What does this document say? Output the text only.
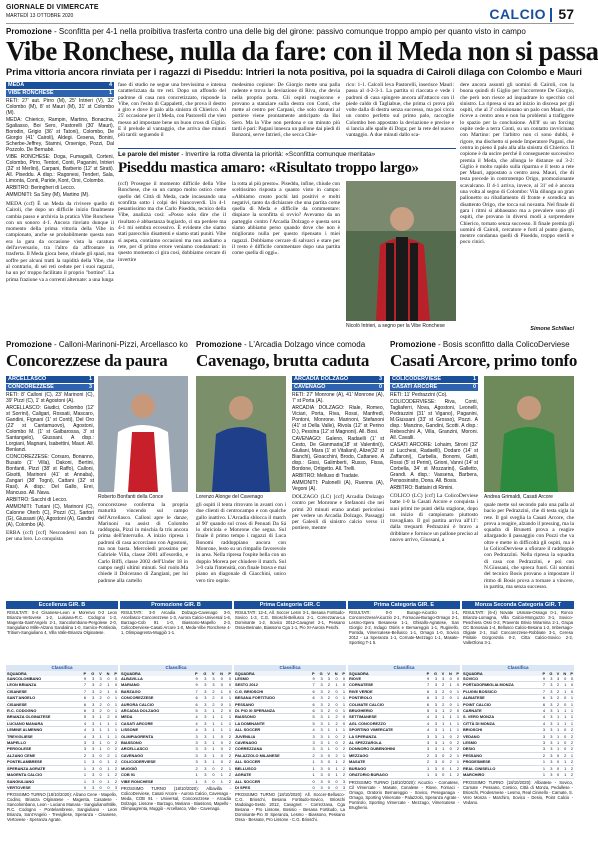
GIORNALE DI VIMERCATE
MARTEDÌ 13 OTTOBRE 2020	CALCIO 57
Promozione - Sconfitta per 4-1 nella proibitiva trasferta contro una delle big del girone: passivo comunque troppo ampio per quanto visto in campo
Vibe Ronchese, nulla da fare: con il Meda non si passa
Prima vittoria ancora rinviata per i ragazzi di Piseddu: Intrieri la nota positiva, poi la squadra di Cairoli dilaga con Colombo e Mauri
MEDA	4
VIBE RONCHESE	1
RETI: 27' aut. Pirro (M), 25' Intrieri (V), 32' Colombo (M), 8' st Mauri (M), 31' st Colombo (M).
MEDA: Chierico, Rampin, Martino, Bonacina, Sgaliasso, Boi Sero, Pastorelli (30' Mauri), Borodin, Grigio (36' st Tatoni), Colombo, De Giorgio (41' Cairoli), Aldegi. Cesena, Bonini, Scherbe-Jeffrey, Stamni, Orsenigo, Pozzi, Dal Pozzolo. De Bernabè.
VIBE RONCHESE: Doga, Fumagalli, Corteni, Colombo, Pirro, Tentori, Conti, Paganini, Intrieri (32' st Merlini), Carpani, Barberio (12' st Sirati). All. Piseddu. A disp.: Ragonesi, Tenderi, Sala, Limonta, Conti, Paride, Kont, Orsi, Colombo.
ARBITRO: Beringheri di Lecco.
AMMONITI: Sa Siny (M), Martino (M).
MEDA (ccf) È un Meda da rivivere quello di Cairoli, che dopo un difficile inizio finalmente cambia passo e archivia la pratica Vibe Ronchese con un sonoro 4-1. Ancora rinviato dunque il momento della prima vittoria della Vibe in campionato, anche se probabilmente questa non era la gara da occasione vista la caratura dell'avversario, tra l'altro da affrontare in trasferta. Il Meda gioca bene, chiude gli spazi, ma soffre per alcuni tratti la rapidità della Vibe, che al contrario, di sei reti cedute per i suoi ragazzi, ha un po' troppo facilitato il proprio "bottino". La prima frazione va a correnti alternate: a una lunga
fase di studio ne segue una brevissima e intensa caratterizzata da tre reti. Dopo un affondo del padrone di casa non concretizzato, risponde la Vibe, con l'esito di Cappaletti, che prova il destro a giro e dove il palo alla sinistra di Chierico. Al 25' occasione per il Meda, con Pastorelli che vien messo ad impostare bene un buon cross di Giglio. E il prelude al vantaggio, che arriva due minuti più tardi: seguendo il
medesimo copione: De Giorgio mette una palla radente e trova la deviazione di Riva, che devia nella propria porta. Gli ospiti reagiscono e provano a stanziare sulla destra con Conti, che mette al centro per Carpani, che solo davanti al portiere viene prontamente anticipato da Boi Sero. Ma la Vibe non perdona e un minuto più tardi è pari: Pagani innesca un pallone dai piedi di Bonzoni, serve Intrieri, che secca Chie-
rico: 1-1. Calcoli leva Pastorelli, inserisce Mauri: passa al 4-2-3-1. La partita si riaccata e vede i padroni di casa spingere ancora all'attacco con il piede caldo di Tagliabue, che prima ci prova più volte dalla di destra senza successo, ma poi cicca un contro perfetto sul primo palo, raccoglie Colombo ben appostato la deviazione e precise e si lancia alle spalle di Doga; per la rete del nuovo vantaggio. A due minuti dallo sca-
dere ancora assunti gli uomini di Cairoli, con la buona quindi di Giglio per l'accorrente De Giorgio, che però non riesce ad inquadrare lo specchio col sinistro. La ripresa si sta ad inizio in discesa per gli ospiti, che al 3' collezionano un palo con Mauri, che riceve a centro area e non ha problemi a trafiggere lo spazio per la conclusione. All'8' su un forcing ospite cede a terra Conti, su un contatto ravvicinato con Martino: per l'arbitro non ci sono dubbi, è rigore, ma dischetto si pende Imperatore Pagani, che centra in pieno il palo alla alla sinistra di Chierico. Il copione è da uscire perché il conseguente successivo premia il Meda, che allunga le distanze sul 3-2: Giglio è molto rapido sulla riparma e il testo a rete per Mauri, appostato a centro area. Mauri, che di testa precede in controtempo Origo, promozionante scavalcano. Il 4-1 arriva, invece, al 31' ed è ancora una volta al segno di Colombo: Vila dilunga un gran pallonetto su riballamento di fronte e scendica un disattento Origo, che tocca sui novanta. Nel finale di gara i ritmi si abbassano ma a prevalere sono gli ospiti, che provano in diversi modi a sorprendere Chierico, tornato senza successo. Il finale premia gli uomini di Cairoli, cercatore e forti al punto giusto, mentre condanna quelli di Piseddu, troppo sterili e poco cinici.
Simone Schillaci
Le parole del mister - Invertire la rotta diventa la priorità: «Sconfitta comunque meritata»
Piseddu mastica amaro: «Risultato troppo largo»
(ccf) Prosegue il momento difficile della Vibe Ronchese, che su un campo molto ostico come quello del Città di Meda, cade incassando una sconfitta sotto i colpi dei biancoverdi. Un 4-1 pesantissimo ma che Carlo Piseddu, tecnico della Vibe, analizza così: «Posso solo dire che il risultato è abbastanza bugiardo, ci sta perdere ma 4-1 mi sembra eccessivo. È evidente che siamo stati parecchio disattenti e siamo stati puniti. Vibe si aspeta, contiamo occasioni ma non andiamo a rete, per di primo errore veniamo condannati: in questo momento ci gira così, dobbiamo cercare di invertire
la rotta al più presto». Piseddu, infine, chiude con sceltissimo risposta a quanto visto in campo: «Abbiamo creato pochi lati positivi e molti negativi, tanto da dichiarare che una partita come quella di Meda e difficile da commentare: dispiace la sconfitta sì ovvio? Avevamo da un parteggio contro l'Arcadia Dolzago e questa sera siamo abbiamo perso quando dove che non è migliorato nulla per questo ripensato i miei ragazzi. Dobbiamo cercare di salvarci e stare per il resto è difficile commentare dopo una partita come quella di oggi».
Nicolò Intrieri, a segno per la Vibe Ronchese
Promozione - Calloni-Marinoni-Pizzi, Arcellasco ko
Concorezzese da paura
Promozione - L'Arcadia Dolzago vince comoda
Cavenago, brutta caduta
Promozione - Bosis sconfitto dalla ColicoDerviese
Casati Arcore, primo tonfo
ARCELLASCO	1
CONCOREZZESE	3
RETI: 8' Calloni (C), 23' Marinoni (C), 39' Pizzi (C), 1' st Agostoni (A).
ARCELLASCO: Giudici, Colombo (12' st Sorrini), Caligari, Rossati, Mascaro, Gandini, Fignani (1' st Conti), Del Oro (22' st Cantamuovo), Agostoni, Colombo M. (1' st Galbarossa, 3' st Santangelo), Giussani. A disp.: Lorgiani, Magnani, Isabettini, Mauri. All. Benlanzi.
CONCOREZZESE: Corsaro, Bonanno, Busato (1' Villa), Dakoni, Bertini, Bonfanti, Pizzi (38' st Raffo), Calloni, Gisotti, Marinoni (41' st Annaba), Zangari (38' Togni), Cattani (32' st Rasi). A disp.: Del Gallo, Erei, Mancuso. All. Nava.
ARBITRO: Sacchi di Lecco.
AMMONITI: Turiani (C), Marinoni (C), Calonne Oterb (C), Pozzi (C), Sartori (G), Giussani (A), Agostoni (A), Gandini (A), Colombo (A).
ERBA (ccf) [ccf] Nescondersi non fa per una loro. Lo conquista
Roberto Bonfanti della Conce
concorezzese conferma la propria maturità vincendo sul campo dell'Arcellasco. Calloni apre le danze, Marinoni su assist di Colombo raddoppia, Pizzi in mischia fa tris ancora prima dell'intervallo. A inizio ripresa i padroni di casa accorciano con Agostoni, ma non basta. Mercoledì prossimo per Gabriele Villa, classe 2001 all'esordio, e Carlo Biffi, classe 2002 dell'Under 18 in campo negli ultimi minuti. Sul ruolo.Ma chiede il Dolcerano di Zangiani, per lui padrone alla cartello
Lorenzo Alonge del Cavenago
gli ospiti il tenta ritrovato in avanti con i due clienti di centrocampo e con qualche gallo inattivo. L'Arcadia sblocca il match al 90' quando sul cross di Pennati Da Sá lo sbriciola e Monrone che segna. Sul finale il primo tempo i ragazzi di Luca Bonomi raddoppiano ancora con Monrone, lesto su un rimpallo favorevole in area. Nella ripresa l'ospite bella con un doppio Morera per chiudere il match. Sul 3-0 cala l'intensità, con finale brava e mai piano un diagonale di Giacchini, unico vero tiro ospite.
ARCADIA DOLZAGO	3
CAVENAGO	0
RETI: 27' Monrone (A), 41' Monrone (A), 7' st Porta (A).
ARCADIA DOLZAGO: Riale, Romeo, Viciari, Porta, Riva, Rossi, Manfredi, Pontoni, Monrone. Marinoni, Stefanoni (41' st Della Valle), Rivola (12' st Perino D.), Pessina (12' st Magnoni). All. Bosi.
CAVENAGO: Galeno, Radaelli (1' st Cesto, De Gianmaria(18' st Valentini)), Giuliani, Mara (1' st Vitaliani), Alize(32' st Bianchi), Gioacchini, Brodo, Cattaneo. A disp.: Gissi, Galimberti, Russo, Fissa, Bordone, Ortigetto. All. Trelli.
ARBITRO: Melluso di Tradate.
AMMONITI: Palonelli (A), Ruenna (A), Vegoni (A).
DOLZAGO (LC) [ccf] Arcadia Dolzago contro per Monrone e Stefanoni che nei primi 20 minuti erano andati pericolosi per vedere un Arcadia Dolzago. Passaggi per Galeoli di sinistro calcio verso il portiere, mentre
COLICODERVIESE	1
CASATI ARCORE	0
RETI: 11' Pedrazzini (Co).
COLICODERVIESE: Riva, Conti, Tagliaferri, Nova, Agostoni, Leonelli, Pedrazzini (31' st Vigano), Paganini, M.Giussani (33' st Grosso), Pozzi. A disp.: Manzino, Gandini, Scotti. A disp.: Rebeschini A, Villa, Granzini, Moroni. All. Cavalli.
CASATI ARCORE: Lohaim, Stroni (32' st Lucchesi, Radaelli), Dodaro (14' st Zaffaroni), Carbella, Bonomi, Gatti, Rossi (5' st Perini), Grioni, Vanni (14' st Corbella, 34' st Mozzarini), Galletto, Grandi. A disp.: Vassena, Barbera, Pensosinsito, Dona. All. Bosis.
ARBITRO: Battaini di Rimini.
COLICO (LC) [ccf] La ColicoDerviese batte 1-0 la Casati Arcore e conquista i suoi primi tre punti della stagione, dopo un inizio di campionato piuttosto travagliato. Il gol partita arriva all'11': dalla trequarti Pedrazzini è bravo a dribblare e fornisce un pallone preciso al nuovo arrivo, Giussani, a
Andrea Grimaldi, Casati Arcore
quale mette sul secondo palo una palla al bacio per Pedrazzini, che di testa sigla la rete. Il gol sveglia la Casati Arcore, che prova a reagire, alzando il pressing, ma la squadra di Brunetti prova a reagire allargando il passaggio con Pozzi che va oltre e mette in difficoltà gli ospiti, ma è la ColicoDerviese a sfiorare il raddoppio con Pedrazzini. Nella ripresa la squadra di casa con Pedrazzini, e poi con N.Giussani, che spreca fuori. Gli uomini del tecnico Bosis provano a impostare il ritmo di Bosis prova a tornare a vincere, in partita, ma senza successo.
Eccellenza GIR. B
RISULTATI: 0-4 Cisanese-Leon e Morenvo 0-2 Leon Brianza-Vertovese 1-2, Luisiana-R.C. Codogno 1-3, Magenta-Sant'Angelo 2-1, Sancolombano-Pergolese 2-0, Sangiuliano Mille-Alzano Sandalina 1-0, Sarnico-Pontisola, Tritium-Sangiuliano 4, Villa Valle-Brianza Olginatese.
Classifica
SQUADRA	P	G	V	N	P
SANCOLOMBANO	9	3	3	0	0
LEON BRIANZA	7	3	2	1	0
CISANESE	7	3	2	1	0
SANT'ANGELO	6	3	2	0	1
CISANESE	6	3	2	0	1
R.C. CODOGNO	6	3	2	0	1
BRIANZA OLGINATESE	5	3	1	2	0
LUCIANO MANARA	4	3	1	1	1
LEMINE ALMENNO	4	3	1	1	1
TREVIGLIESE	4	3	1	1	1
MAPELLO	3	3	1	0	2
PERGOLESE	3	3	1	0	2
ALZANO CENE	2	3	0	2	1
PONTELAMBRESE	1	3	0	1	2
SPERANZA AGRATE	1	3	0	1	2
MAGENTA CALCIO	1	3	0	1	2
SANGIULIANO	1	3	0	1	2
VERTOVESE	0	3	0	0	3
PROSSIMO TURNO (18/10/2020): Alzano Cene - Mapello, Codino, Brianza Olginatese - Magenta, Casatese - Sancolombano, Leon - Luciano Manara - Sangiuliano/Mille, R.C. Codogno - Pontelambrese, Sangiuliano - Leon Brianza, Sant'Angelo - Trevigliese, Speranza - Cisanese, Vertovese - Speranza Agrate.
Promozione GIR. B
RISULTATI: 3-0 Arcadia Dolzago-Cavenago 3-0, Arcellasco-Concorezzese 1-3, Aurora Calcio-Universal 1-6, Barzago-Cob 91 1-0, Biassono-Mapello 2-3, ColicoDerviese-Casati Arcore 1-0, Meda-Vibe Ronchese 4-1, Olimpiagrenta-Muggiò 1-1.
Classifica
SQUADRA	P	G	V	N	P
ALBAVILLA	9	3	3	0	0
MARIANO	9	3	3	0	0
BARZAGO	7	3	2	1	0
CONCOREZZESE	6	3	2	0	1
AURORA CALCIO	6	3	2	0	1
ARCADIA DOLZAGO	5	3	1	2	0
MEDA	4	3	1	1	1
CASATI ARCORE	4	3	1	1	1
LISSONE	4	3	1	1	1
OLIMPIAGRENTA	3	3	1	0	2
BIASSONO	3	3	1	0	2
ARCELLASCO	3	3	1	0	2
CAVENAGO	3	3	1	0	2
COLICODERVIESE	3	3	1	0	2
MUGGIÒ	2	3	0	2	1
COB 91	1	3	0	1	2
VIBE RONCHESE	1	3	0	1	2
PROSSIMO TURNO (18/10/2020): Albavilla - ColicoDerviese, Casati Arcore - Aurora Calcio, Cavenago - Meda, COB 91 - Universal, Concorezzese - Arcadia Dolzago, Lissone - Barzago, Mariano - Biassono, Mapello - Olimpiagrenta, Muggiò - Arcellasco, Vibe - Cavenago.
Prima Categoria GIR. C
RISULTATI: 12-4, All. Soccer Lesm 3-1, Besana Fortitudo-Sovico 1-3, C.G. Brioschi-Bellusco 2-1, Correzzana-La Dominante 1-2, Sovico 2012-Cavagnet 2-1, Pessano Ossa-Besnate, Biassono Cga 1-1, Pio XI-Aurora Peschi.
Classifica
SQUADRA	P	G	V	N	P
LESMO	9	3	3	0	0
SESTO 2012	7	3	2	1	0
C.G. BRIOSCHI	6	3	2	0	1
BESANA FORTITUDO	6	3	2	0	1
PESSANO	6	3	2	0	1
DI. PIO XI SPERANZA	6	3	2	0	1
BIASSONO	5	3	1	2	0
LA DOMINANTE	5	3	1	2	0
ALL SOCCER	4	3	1	1	1
JUVENILIA	3	3	1	0	2
CAVENAGO	3	3	1	0	2
CORREZZANA	3	3	1	0	2
PALAZZOLO MILANESE	2	3	0	2	1
ALL SOCCER	1	3	0	1	2
BELLUSCO	1	3	0	1	2
AGRATE	1	3	0	1	2
ALL SOCCER	0	3	0	0	3
DI SPES	0	3	0	0	3
PROSSIMO TURNO (18/10/2020): All. Soccer-Bellusco-C.G. Brioschi, Besana Fortitudo-Sovico, Brioschi Madolago-Sesto 2012, Cavagnet - Correzzana, Cga Besana - Pro Lissone, Bosisio - Besana Fortitudo, La Dominante-Pio XI Speranza, Lesmo - Biassono, Pessano Ossa - Besnate, Pro Lissone - C.G. Brioschi.
Prima Categoria GIR. E
RISULTATI: 0-0 Burago-Aicurzio 1-1, Concorezzese/Aicurzio 2-1, Fornaciai-Burago-Ornago 2-1, Lesmo-Spera Besanese 1-1, Ghisallo-Agratese, San Giorgio 2-2, Indago Osiris e Bernareggio 1-1, Ruginello, Pontida, Vimercatese-Bellusco 1-1, Ornago 1-0, Sovico 2012 - La Speranza 1-1, Cornate-Mezzago 1-1, Masate-Sporting T-1 5.
Classifica
SQUADRA	P	G	V	N	P
RIOVE	9	3	3	0	0
CORNATESE	7	3	2	1	0
RIVE VERDE	6	3	2	0	1
PONTIROLO	6	3	2	0	1
COLMATE CALCIO	6	3	2	0	1
BRUGHERIO	5	3	1	2	0
SETTIMANESE	4	3	1	1	1
AGL CONCOREZZO	4	3	1	1	1
SPORTING VIMERCATE	4	3	1	1	1
LA SPERANZA	3	3	1	0	2
AL SPEZZAROLA	3	3	1	0	2
DONNORO DUBENGHINI	3	3	1	0	2
MEZZAGO	2	3	0	2	1
MASATE	2	3	0	2	1
BURAGO	1	3	0	1	2
ORATORIO BURAGO	1	3	0	1	2
PROSSIMO TURNO (18/10/2020): Aicurzio - Cornatese, Cil Vimercate - Masate, Conalese - Riove, Fornaci - Ornago, Oratorio Bernareggio - Sovico, Peseganaga - Ornago, Sporting Vimercate - Palazzolo, Speranza Agrate - Pontirolo, Sporting Vimercate - Mezzago, Vimercatese - Brugherio.
Monza Seconda Categoria GIR. T
RISULTATI: (6-4) Novate Usmate-Osnago 0-1, Ronco Brianza-Lomagna, Villa Calcio-Monguzzo 3-1, Sovico-Peschiera Ossi 0-2, Pravento Brivio Mirarnina 2-1, Grupa GC Bonosaia 1-4, Bellusco Calcio-Besana 1-2, Imbersago-Olgiate 2-1, Sud Concorezzese-Robbiate 3-1, Ceresa Pinitale Gorgonzola 0-2, Citta Calcio-Sovico 2-2, ValleOlona 3-1.
Classifica
SQUADRA	P	G	V	N	P
SOVICO	9	3	3	0	0
PORTADORMIGLIA MONZA	7	3	2	1	0
PLUGIN BOSSICO	7	3	2	1	0
ALBIATESE	6	3	2	0	1
POINT CALCIO	6	3	2	0	1
CARNATE	4	3	1	1	1
S. VERO MONZA	4	3	1	1	1
CITTÀ DI MONZA	4	3	1	1	1
BRIOSCHI	3	3	1	0	2
VEDANO	3	3	1	0	2
LESMO	3	3	1	0	2
DESIO	3	3	1	0	2
PESSANO	2	3	0	2	1
PRODESMESE	1	3	0	1	2
REAL CINISELLO	1	3	0	1	2
MARCHIRO	1	3	0	1	2
PROSSIMO TURNO (18/10/2020): Albiatese - Sovico, Carnate - Pessano, Corsico, Città di Monza, Pedullese - Brioschi, Prodesmese - Lesmo, Real Cinisello - Carnate, S. Vero Monza - Marchiro, Sovico - Desio, Point Calcio - Vedano.
